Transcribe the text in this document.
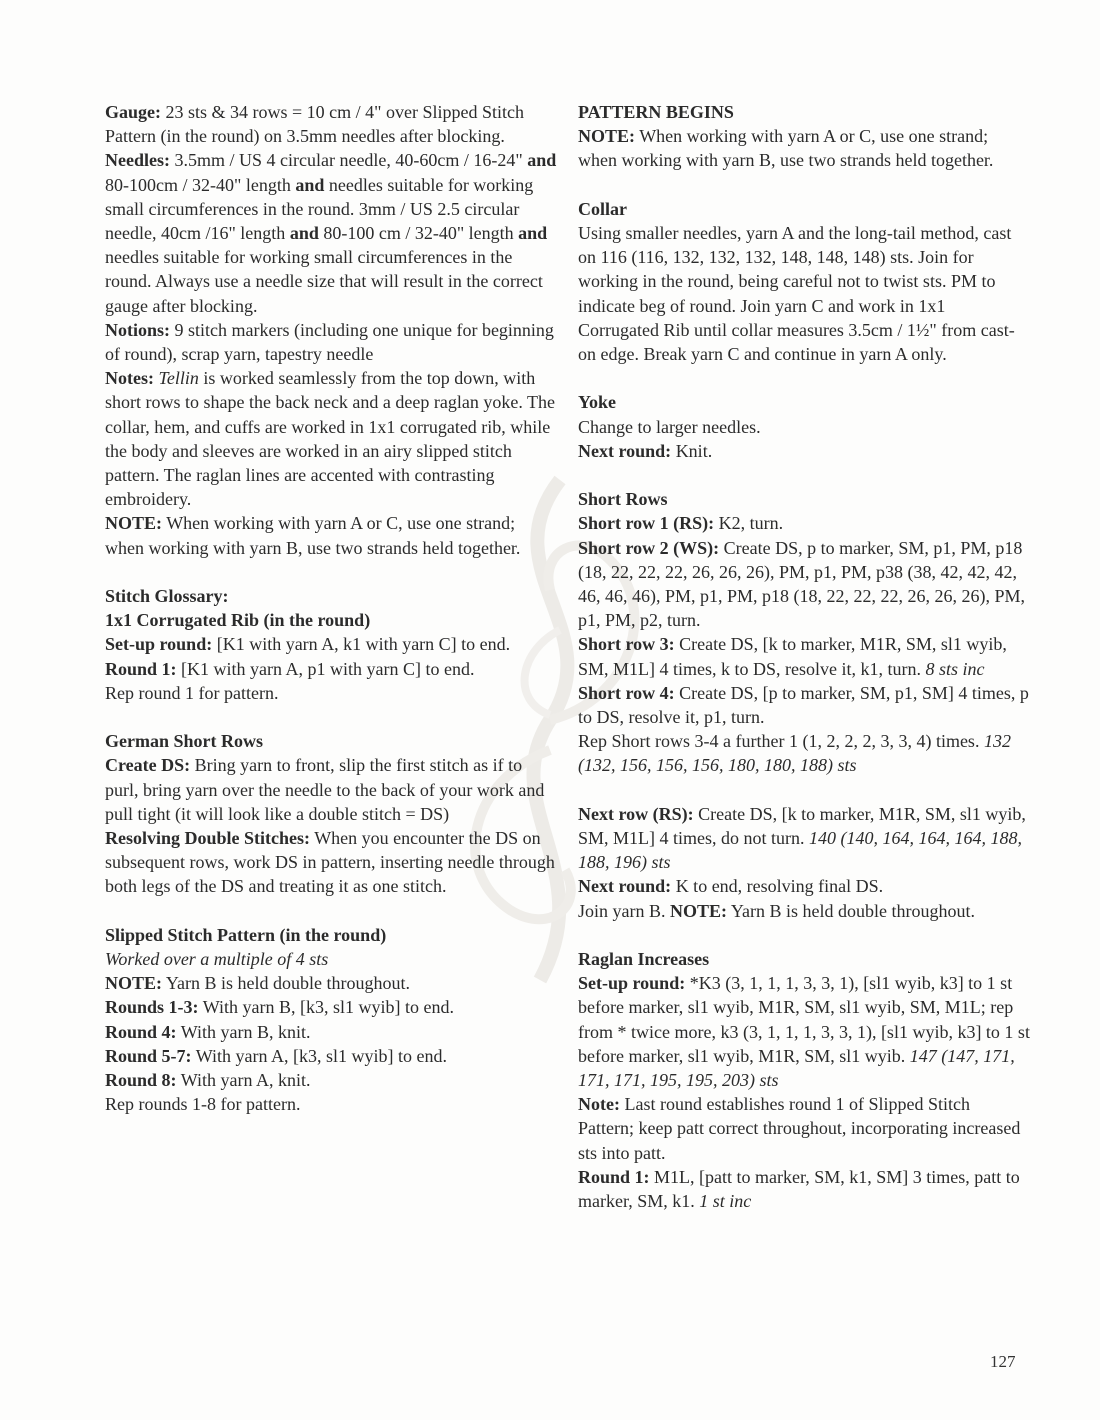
Gauge: 23 sts & 34 rows = 10 cm / 4" over Slipped Stitch Pattern (in the round) on 3.5mm needles after blocking.

Needles: 3.5mm / US 4 circular needle, 40-60cm / 16-24" and 80-100cm / 32-40" length and needles suitable for working small circumferences in the round. 3mm / US 2.5 circular needle, 40cm /16" length and 80-100 cm / 32-40" length and needles suitable for working small circumferences in the round. Always use a needle size that will result in the correct gauge after blocking.

Notions: 9 stitch markers (including one unique for beginning of round), scrap yarn, tapestry needle

Notes: Tellin is worked seamlessly from the top down, with short rows to shape the back neck and a deep raglan yoke. The collar, hem, and cuffs are worked in 1x1 corrugated rib, while the body and sleeves are worked in an airy slipped stitch pattern. The raglan lines are accented with contrasting embroidery.

NOTE: When working with yarn A or C, use one strand; when working with yarn B, use two strands held together.

Stitch Glossary:

1x1 Corrugated Rib (in the round)

Set-up round: [K1 with yarn A, k1 with yarn C] to end.

Round 1: [K1 with yarn A, p1 with yarn C] to end.

Rep round 1 for pattern.

German Short Rows

Create DS: Bring yarn to front, slip the first stitch as if to purl, bring yarn over the needle to the back of your work and pull tight (it will look like a double stitch = DS)

Resolving Double Stitches: When you encounter the DS on subsequent rows, work DS in pattern, inserting needle through both legs of the DS and treating it as one stitch.

Slipped Stitch Pattern (in the round)

Worked over a multiple of 4 sts

NOTE: Yarn B is held double throughout.

Rounds 1-3: With yarn B, [k3, sl1 wyib] to end.

Round 4: With yarn B, knit.

Round 5-7: With yarn A, [k3, sl1 wyib] to end.

Round 8: With yarn A, knit.

Rep rounds 1-8 for pattern.

PATTERN BEGINS

NOTE: When working with yarn A or C, use one strand; when working with yarn B, use two strands held together.

Collar

Using smaller needles, yarn A and the long-tail method, cast on 116 (116, 132, 132, 132, 148, 148, 148) sts. Join for working in the round, being careful not to twist sts. PM to indicate beg of round. Join yarn C and work in 1x1 Corrugated Rib until collar measures 3.5cm / 1½" from cast-on edge. Break yarn C and continue in yarn A only.

Yoke

Change to larger needles.

Next round: Knit.

Short Rows

Short row 1 (RS): K2, turn.

Short row 2 (WS): Create DS, p to marker, SM, p1, PM, p18 (18, 22, 22, 22, 26, 26, 26), PM, p1, PM, p38 (38, 42, 42, 42, 46, 46, 46), PM, p1, PM, p18 (18, 22, 22, 22, 26, 26, 26), PM, p1, PM, p2, turn.

Short row 3: Create DS, [k to marker, M1R, SM, sl1 wyib, SM, M1L] 4 times, k to DS, resolve it, k1, turn. 8 sts inc

Short row 4: Create DS, [p to marker, SM, p1, SM] 4 times, p to DS, resolve it, p1, turn.

Rep Short rows 3-4 a further 1 (1, 2, 2, 2, 3, 3, 4) times. 132 (132, 156, 156, 156, 180, 180, 188) sts

Next row (RS): Create DS, [k to marker, M1R, SM, sl1 wyib, SM, M1L] 4 times, do not turn. 140 (140, 164, 164, 164, 188, 188, 196) sts

Next round: K to end, resolving final DS.

Join yarn B. NOTE: Yarn B is held double throughout.

Raglan Increases

Set-up round: *K3 (3, 1, 1, 1, 3, 3, 1), [sl1 wyib, k3] to 1 st before marker, sl1 wyib, M1R, SM, sl1 wyib, SM, M1L; rep from * twice more, k3 (3, 1, 1, 1, 3, 3, 1), [sl1 wyib, k3] to 1 st before marker, sl1 wyib, M1R, SM, sl1 wyib. 147 (147, 171, 171, 171, 195, 195, 203) sts

Note: Last round establishes round 1 of Slipped Stitch Pattern; keep patt correct throughout, incorporating increased sts into patt.

Round 1: M1L, [patt to marker, SM, k1, SM] 3 times, patt to marker, SM, k1. 1 st inc

127
